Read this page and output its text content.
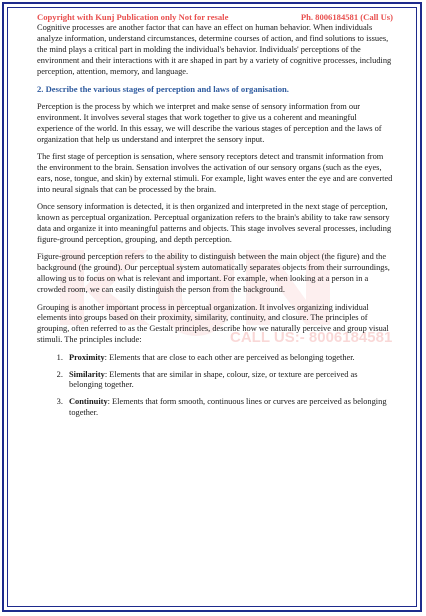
CALL US:- 8006184581
Copyright with Kunj Publication only Not for resale	Ph. 8006184581 (Call Us)

Cognitive processes are another factor that can have an effect on human behavior. When individuals analyze information, understand circumstances, determine courses of action, and find solutions to issues, the mind plays a critical part in molding the individual's behavior. Individuals' perceptions of the environment and their interactions with it are shaped in part by a variety of cognitive processes, including perception, attention, memory, and language.

2. Describe the various stages of perception and laws of organisation.

Perception is the process by which we interpret and make sense of sensory information from our environment. It involves several stages that work together to give us a coherent and meaningful experience of the world. In this essay, we will describe the various stages of perception and the laws of organization that help us understand and interpret the sensory input.

The first stage of perception is sensation, where sensory receptors detect and transmit information from the environment to the brain. Sensation involves the activation of our sensory organs (such as the eyes, ears, nose, tongue, and skin) by external stimuli. For example, light waves enter the eye and are converted into neural signals that can be processed by the brain.

Once sensory information is detected, it is then organized and interpreted in the next stage of perception, known as perceptual organization. Perceptual organization refers to the brain's ability to take raw sensory data and organize it into meaningful patterns and objects. This stage involves several processes, including figure-ground perception, grouping, and depth perception.

Figure-ground perception refers to the ability to distinguish between the main object (the figure) and the background (the ground). Our perceptual system automatically separates objects from their surroundings, allowing us to focus on what is relevant and important. For example, when looking at a person in a crowded room, we can easily distinguish the person from the background.

Grouping is another important process in perceptual organization. It involves organizing individual elements into groups based on their proximity, similarity, continuity, and closure. The principles of grouping, often referred to as the Gestalt principles, describe how we naturally perceive and group visual stimuli. The principles include:

1. Proximity: Elements that are close to each other are perceived as belonging together.
2. Similarity: Elements that are similar in shape, colour, size, or texture are perceived as belonging together.
3. Continuity: Elements that form smooth, continuous lines or curves are perceived as belonging together.
